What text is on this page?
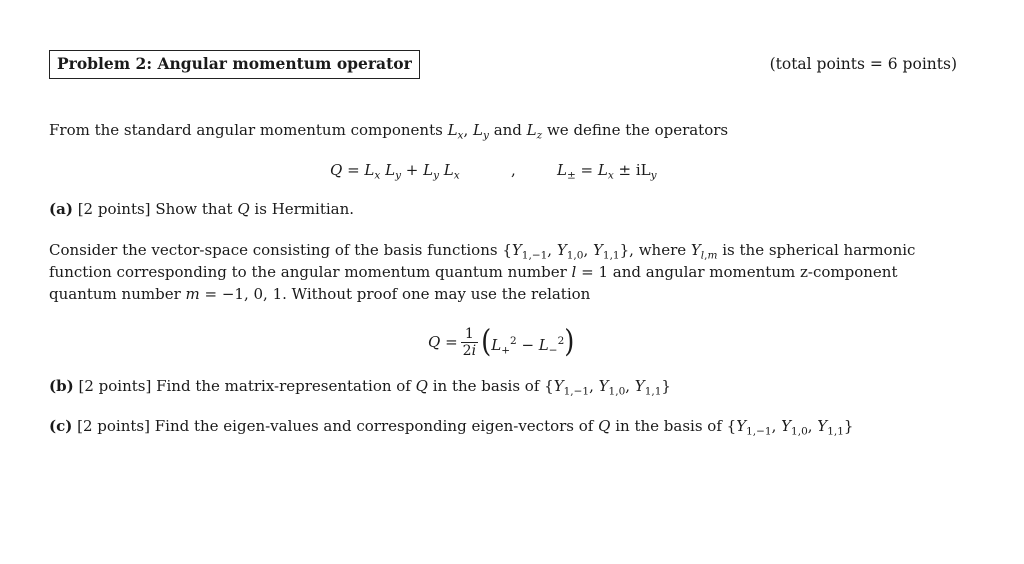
Problem 2: Angular momentum operator	(total points = 6 points)
From the standard angular momentum components $L_x$, $L_y$ and $L_z$ we define the operators
$Q = L_x$ $L_y + L_y$ $L_x$	,	$L_\pm = L_x \pm iL_y$
(a) [2 points] Show that Q is Hermitian.
Consider the vector-space consisting of the basis functions {$Y_{1,-1}$, $Y_{1,0}$, $Y_{1,1}$}, where $Y_{l,m}$ is the spherical harmonic
function corresponding to the angular momentum quantum number l = 1 and angular momentum z-component
quantum number m = −1, 0, 1. Without proof one may use the relation
$Q = \frac{1}{2i} (L_+^2 - L_-^2)$
(b) [2 points] Find the matrix-representation of Q in the basis of {$Y_{1,-1}$, $Y_{1,0}$, $Y_{1,1}$}
(c) [2 points] Find the eigen-values and corresponding eigen-vectors of Q in the basis of {$Y_{1,-1}$, $Y_{1,0}$, $Y_{1,1}$}
